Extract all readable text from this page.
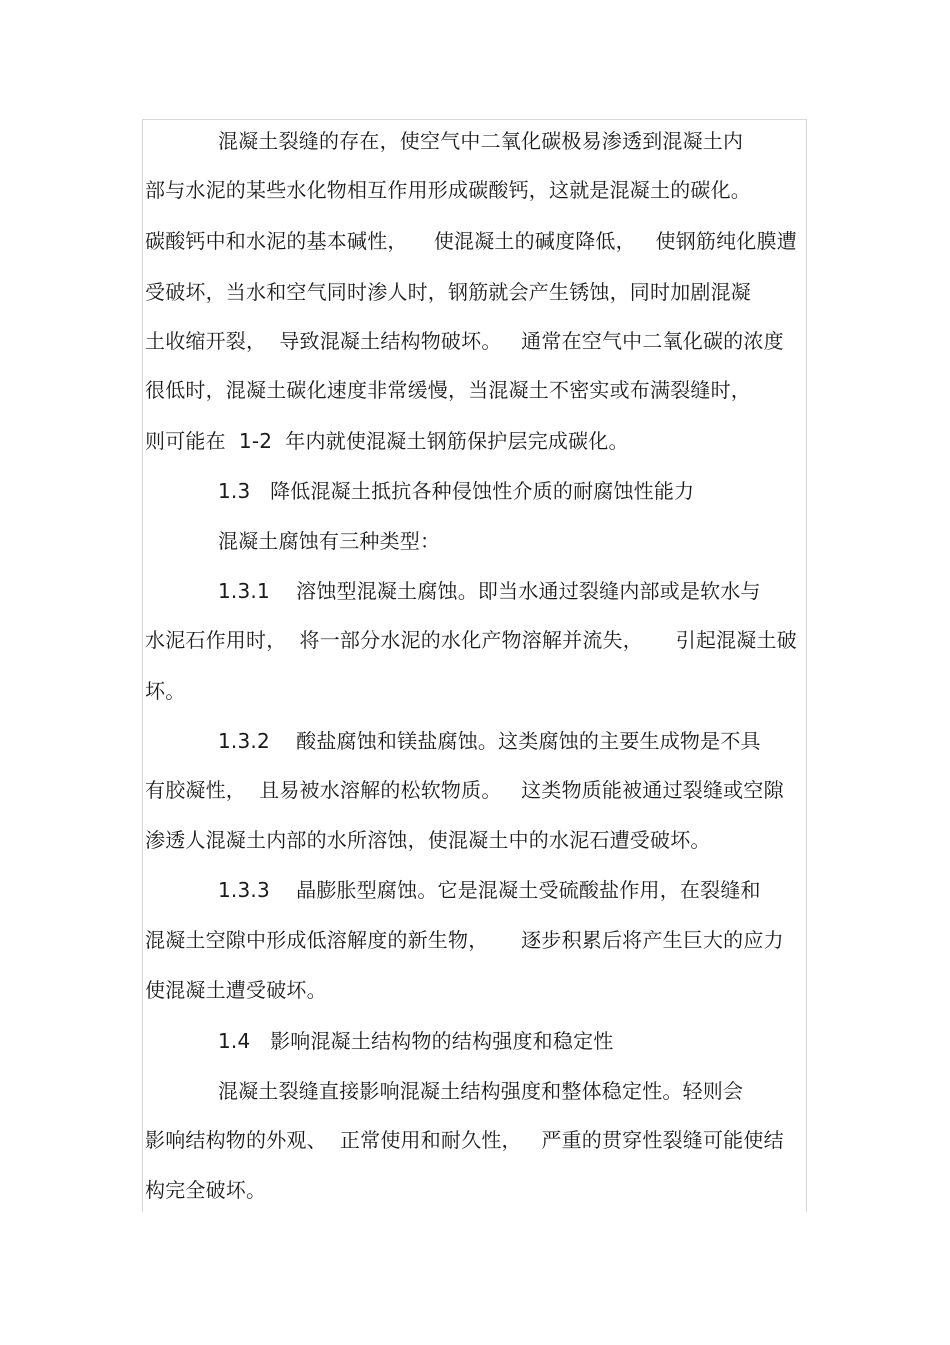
混凝土裂缝的存在，使空气中二氧化碳极易渗透到混凝土内
部与水泥的某些水化物相互作用形成碳酸钙，这就是混凝土的碳化。
碳酸钙中和水泥的基本碱性，    使混凝土的碱度降低，   使钢筋纯化膜遭
受破坏，当水和空气同时渗人时，钢筋就会产生锈蚀，同时加剧混凝
土收缩开裂，  导致混凝土结构物破坏。   通常在空气中二氧化碳的浓度
很低时，混凝土碳化速度非常缓慢，当混凝土不密实或布满裂缝时，
则可能在  1-2  年内就使混凝土钢筋保护层完成碳化。
1.3   降低混凝土抵抗各种侵蚀性介质的耐腐蚀性能力
混凝土腐蚀有三种类型：
1.3.1    溶蚀型混凝土腐蚀。即当水通过裂缝内部或是软水与
水泥石作用时，  将一部分水泥的水化产物溶解并流失，     引起混凝土破
坏。
1.3.2    酸盐腐蚀和镁盐腐蚀。这类腐蚀的主要生成物是不具
有胶凝性，  且易被水溶解的松软物质。   这类物质能被通过裂缝或空隙
渗透人混凝土内部的水所溶蚀，使混凝土中的水泥石遭受破坏。
1.3.3    晶膨胀型腐蚀。它是混凝土受硫酸盐作用，在裂缝和
混凝土空隙中形成低溶解度的新生物，     逐步积累后将产生巨大的应力
使混凝土遭受破坏。
1.4   影响混凝土结构物的结构强度和稳定性
混凝土裂缝直接影响混凝土结构强度和整体稳定性。轻则会
影响结构物的外观、  正常使用和耐久性，   严重的贯穿性裂缝可能使结
构完全破坏。
